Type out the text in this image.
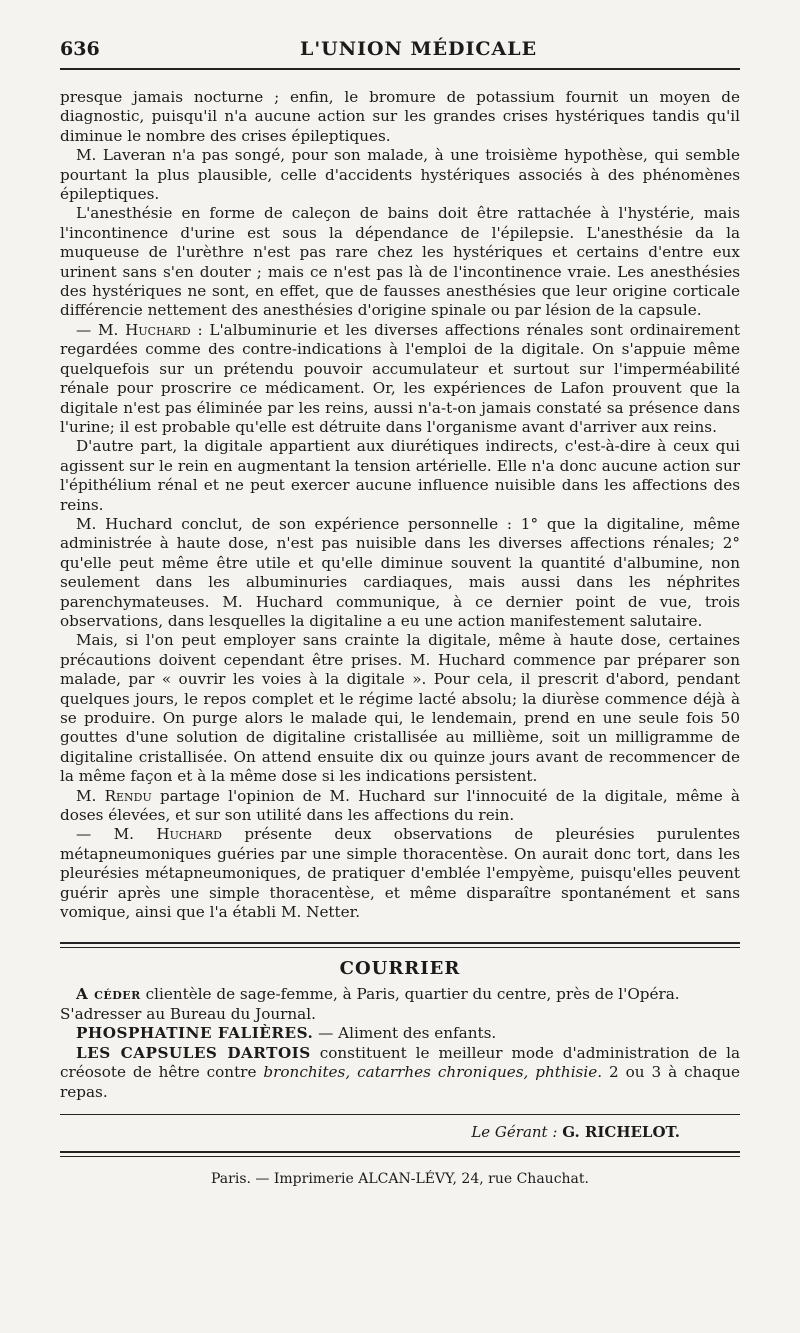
636	L'UNION MÉDICALE

presque jamais nocturne ; enfin, le bromure de potassium fournit un moyen de diagnostic, puisqu'il n'a aucune action sur les grandes crises hystériques tandis qu'il diminue le nombre des crises épileptiques.

M. Laveran n'a pas songé, pour son malade, à une troisième hypothèse, qui semble pourtant la plus plausible, celle d'accidents hystériques associés à des phénomènes épileptiques.

L'anesthésie en forme de caleçon de bains doit être rattachée à l'hystérie, mais l'incontinence d'urine est sous la dépendance de l'épilepsie. L'anesthésie da la muqueuse de l'urèthre n'est pas rare chez les hystériques et certains d'entre eux urinent sans s'en douter ; mais ce n'est pas là de l'incontinence vraie. Les anesthésies des hystériques ne sont, en effet, que de fausses anesthésies que leur origine corticale différencie nettement des anesthésies d'origine spinale ou par lésion de la capsule.

— M. Huchard : L'albuminurie et les diverses affections rénales sont ordinairement regardées comme des contre-indications à l'emploi de la digitale. On s'appuie même quelquefois sur un prétendu pouvoir accumulateur et surtout sur l'imperméabilité rénale pour proscrire ce médicament. Or, les expériences de Lafon prouvent que la digitale n'est pas éliminée par les reins, aussi n'a-t-on jamais constaté sa présence dans l'urine; il est probable qu'elle est détruite dans l'organisme avant d'arriver aux reins.

D'autre part, la digitale appartient aux diurétiques indirects, c'est-à-dire à ceux qui agissent sur le rein en augmentant la tension artérielle. Elle n'a donc aucune action sur l'épithélium rénal et ne peut exercer aucune influence nuisible dans les affections des reins.

M. Huchard conclut, de son expérience personnelle : 1° que la digitaline, même administrée à haute dose, n'est pas nuisible dans les diverses affections rénales; 2° qu'elle peut même être utile et qu'elle diminue souvent la quantité d'albumine, non seulement dans les albuminuries cardiaques, mais aussi dans les néphrites parenchymateuses. M. Huchard communique, à ce dernier point de vue, trois observations, dans lesquelles la digitaline a eu une action manifestement salutaire.

Mais, si l'on peut employer sans crainte la digitale, même à haute dose, certaines précautions doivent cependant être prises. M. Huchard commence par préparer son malade, par « ouvrir les voies à la digitale ». Pour cela, il prescrit d'abord, pendant quelques jours, le repos complet et le régime lacté absolu; la diurèse commence déjà à se produire. On purge alors le malade qui, le lendemain, prend en une seule fois 50 gouttes d'une solution de digitaline cristallisée au millième, soit un milligramme de digitaline cristallisée. On attend ensuite dix ou quinze jours avant de recommencer de la même façon et à la même dose si les indications persistent.

M. Rendu partage l'opinion de M. Huchard sur l'innocuité de la digitale, même à doses élevées, et sur son utilité dans les affections du rein.

— M. Huchard présente deux observations de pleurésies purulentes métapneumoniques guéries par une simple thoracentèse. On aurait donc tort, dans les pleurésies métapneumoniques, de pratiquer d'emblée l'empyème, puisqu'elles peuvent guérir après une simple thoracentèse, et même disparaître spontanément et sans vomique, ainsi que l'a établi M. Netter.

COURRIER

A céder clientèle de sage-femme, à Paris, quartier du centre, près de l'Opéra.

S'adresser au Bureau du Journal.

PHOSPHATINE FALIÈRES. — Aliment des enfants.

LES CAPSULES DARTOIS constituent le meilleur mode d'administration de la créosote de hêtre contre bronchites, catarrhes chroniques, phthisie. 2 ou 3 à chaque repas.

Le Gérant : G. RICHELOT.
Paris. — Imprimerie ALCAN-LÉVY, 24, rue Chauchat.
